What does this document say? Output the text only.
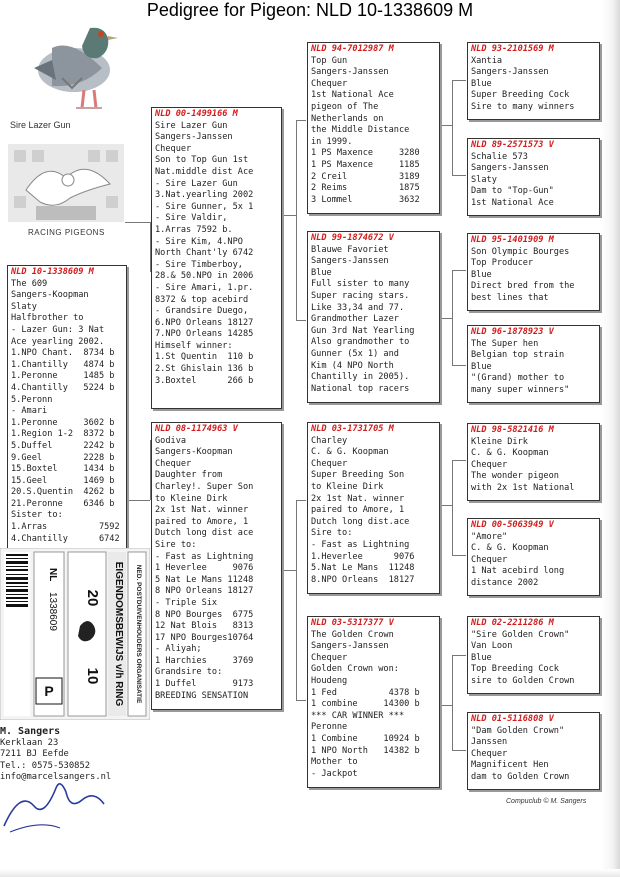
Pedigree for Pigeon: NLD 10-1338609 M
Sire Lazer Gun
RACING PIGEONS
NLD 10-1338609 M
The 609
Sangers-Koopman
Slaty
Halfbrother to
- Lazer Gun: 3 Nat
Ace yearling 2002.
1.NPO Chant.  8734 b
1.Chantilly   4874 b
1.Peronne     1485 b
4.Chantilly   5224 b
5.Peronn
- Amari
1.Peronne     3602 b
1.Region 1-2  8372 b
5.Duffel      2242 b
9.Geel        2228 b
15.Boxtel     1434 b
15.Geel       1469 b
20.S.Quentin  4262 b
21.Peronne    6346 b
Sister to:
1.Arras          7592
4.Chantilly      6742
NLD 00-1499166 M
Sire Lazer Gun
Sangers-Janssen
Chequer
Son to Top Gun 1st
Nat.middle dist Ace
- Sire Lazer Gun
3.Nat.yearling 2002
- Sire Gunner, 5x 1
- Sire Valdir,
1.Arras 7592 b.
- Sire Kim, 4.NPO
North Chant'ly 6742
- Sire Timberboy,
28.& 50.NPO in 2006
- Sire Amari, 1.pr.
8372 & top acebird
- Grandsire Duego,
6.NPO Orleans 18127
7.NPO Orleans 14285
Himself winner:
1.St Quentin  110 b
2.St Ghislain 136 b
3.Boxtel      266 b
NLD 08-1174963 V
Godiva
Sangers-Koopman
Chequer
Daughter from
Charley!. Super Son
to Kleine Dirk
2x 1st Nat. winner
paired to Amore, 1
Dutch long dist ace
Sire to:
- Fast as Lightning
1 Heverlee     9076
5 Nat Le Mans 11248
8 NPO Orleans 18127
- Triple Six
8 NPO Bourges  6775
12 Nat Blois   8313
17 NPO Bourges10764
- Aliyah;
1 Harchies     3769
Grandsire to:
1 Duffel       9173
BREEDING SENSATION
NLD 94-7012987 M
Top Gun
Sangers-Janssen
Chequer
1st National Ace
pigeon of The
Netherlands on
the Middle Distance
in 1999.
1 PS Maxence     3280
1 PS Maxence     1185
2 Creil          3189
2 Reims          1875
3 Lommel         3632
NLD 99-1874672 V
Blauwe Favoriet
Sangers-Janssen
Blue
Full sister to many
Super racing stars.
Like 33,34 and 77.
Grandmother Lazer
Gun 3rd Nat Yearling
Also grandmother to
Gunner (5x 1) and
Kim (4 NPO North
Chantilly in 2005).
National top racers
NLD 03-1731705 M
Charley
C. & G. Koopman
Chequer
Super Breeding Son
to Kleine Dirk
2x 1st Nat. winner
paired to Amore, 1
Dutch long dist.ace
Sire to:
- Fast as Lightning
1.Heverlee      9076
5.Nat Le Mans  11248
8.NPO Orleans  18127
NLD 03-5317377 V
The Golden Crown
Sangers-Janssen
Chequer
Golden Crown won:
Houdeng
1 Fed          4378 b
1 combine     14300 b
*** CAR WINNER ***
Peronne
1 Combine     10924 b
1 NPO North   14382 b
Mother to
- Jackpot
NLD 93-2101569 M
Xantia
Sangers-Janssen
Blue
Super Breeding Cock
Sire to many winners
NLD 89-2571573 V
Schalie 573
Sangers-Janssen
Slaty
Dam to "Top-Gun"
1st National Ace
NLD 95-1401909 M
Son Olympic Bourges
Top Producer
Blue
Direct bred from the
best lines that
NLD 96-1878923 V
The Super hen
Belgian top strain
Blue
"(Grand) mother to
many super winners"
NLD 98-5821416 M
Kleine Dirk
C. & G. Koopman
Chequer
The wonder pigeon
with 2x 1st National
NLD 00-5063949 V
"Amore"
C. & G. Koopman
Chequer
1 Nat acebird long
distance 2002
NLD 02-2211286 M
"Sire Golden Crown"
Van Loon
Blue
Top Breeding Cock
sire to Golden Crown
NLD 01-5116808 V
"Dam Golden Crown"
Janssen
Chequer
Magnificent Hen
dam to Golden Crown
NED. POSTDUIVENHOUDERS ORGANISATIE
EIGENDOMSBEWIJS v/h RING
20
10
NL
1338609
P
M. Sangers
Kerklaan 23
7211 BJ Eefde
Tel.: 0575-530852
info@marcelsangers.nl
Compuclub © M. Sangers
